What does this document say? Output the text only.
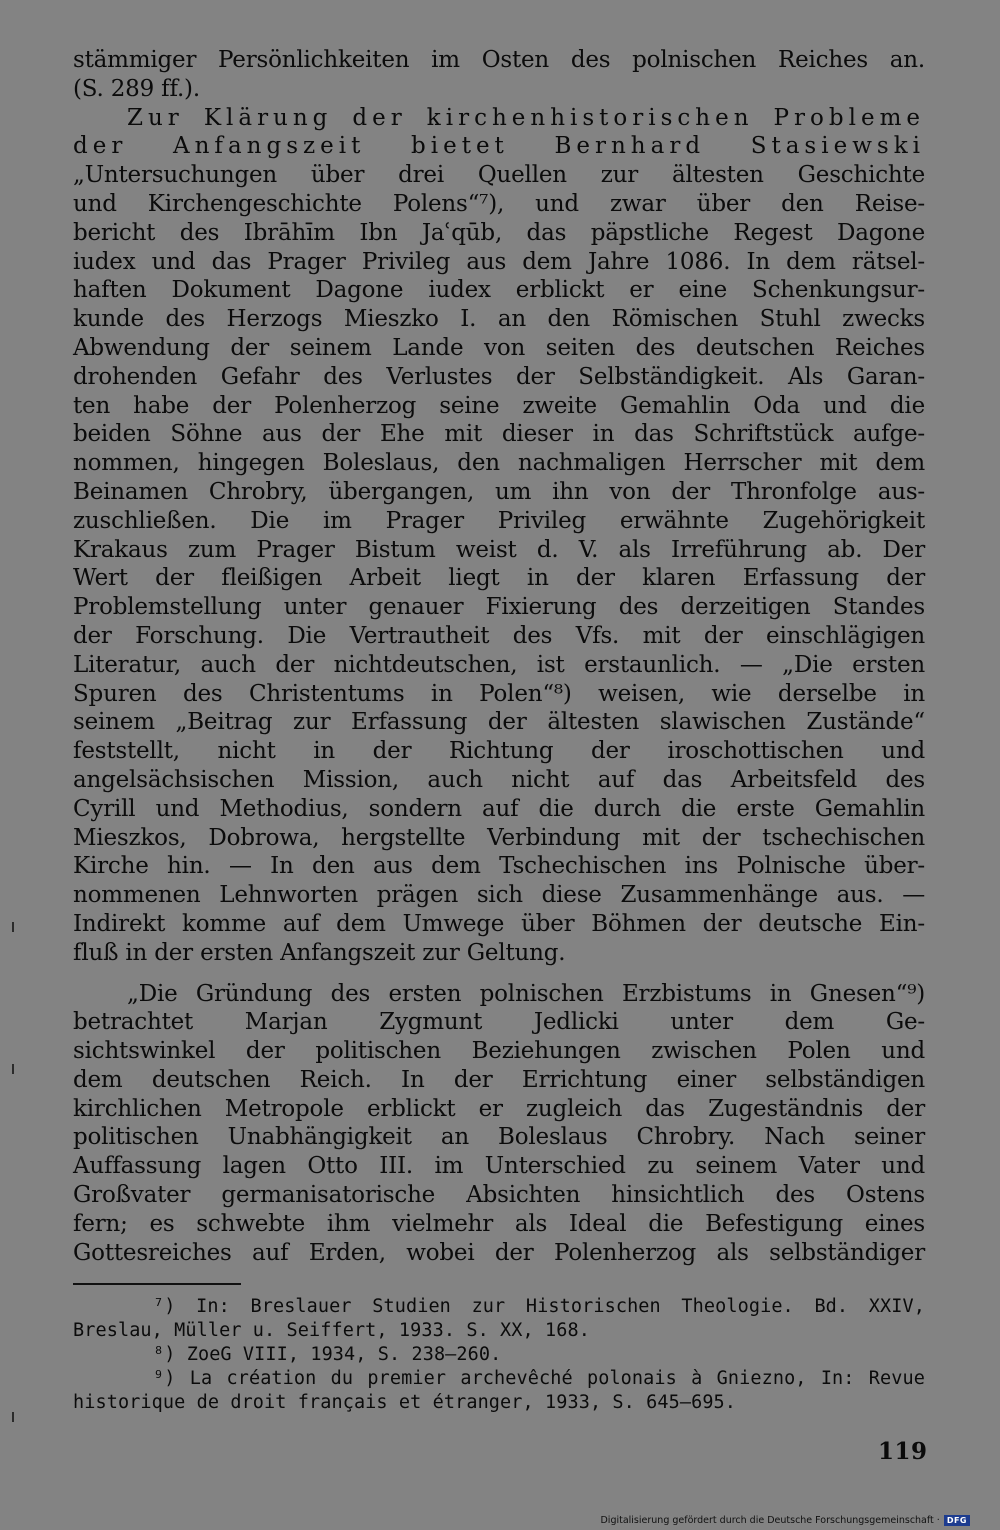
stämmiger Persönlichkeiten im Osten des polnischen Reiches an.
(S. 289 ff.).
Zur Klärung der kirchenhistorischen Probleme
der Anfangszeit bietet Bernhard Stasiewski
„Untersuchungen über drei Quellen zur ältesten Geschichte
und Kirchengeschichte Polens“⁷), und zwar über den Reise-
bericht des Ibrāhīm Ibn Jaʿqūb, das päpstliche Regest Dagone
iudex und das Prager Privileg aus dem Jahre 1086. In dem rätsel-
haften Dokument Dagone iudex erblickt er eine Schenkungsur-
kunde des Herzogs Mieszko I. an den Römischen Stuhl zwecks
Abwendung der seinem Lande von seiten des deutschen Reiches
drohenden Gefahr des Verlustes der Selbständigkeit. Als Garan-
ten habe der Polenherzog seine zweite Gemahlin Oda und die
beiden Söhne aus der Ehe mit dieser in das Schriftstück aufge-
nommen, hingegen Boleslaus, den nachmaligen Herrscher mit dem
Beinamen Chrobry, übergangen, um ihn von der Thronfolge aus-
zuschließen. Die im Prager Privileg erwähnte Zugehörigkeit
Krakaus zum Prager Bistum weist d. V. als Irreführung ab. Der
Wert der fleißigen Arbeit liegt in der klaren Erfassung der
Problemstellung unter genauer Fixierung des derzeitigen Standes
der Forschung. Die Vertrautheit des Vfs. mit der einschlägigen
Literatur, auch der nichtdeutschen, ist erstaunlich. — „Die ersten
Spuren des Christentums in Polen“⁸) weisen, wie derselbe in
seinem „Beitrag zur Erfassung der ältesten slawischen Zustände“
feststellt, nicht in der Richtung der iroschottischen und
angelsächsischen Mission, auch nicht auf das Arbeitsfeld des
Cyrill und Methodius, sondern auf die durch die erste Gemahlin
Mieszkos, Dobrowa, hergstellte Verbindung mit der tschechischen
Kirche hin. — In den aus dem Tschechischen ins Polnische über-
nommenen Lehnworten prägen sich diese Zusammenhänge aus. —
Indirekt komme auf dem Umwege über Böhmen der deutsche Ein-
fluß in der ersten Anfangszeit zur Geltung.
„Die Gründung des ersten polnischen Erzbistums in Gnesen“⁹)
betrachtet Marjan Zygmunt Jedlicki unter dem Ge-
sichtswinkel der politischen Beziehungen zwischen Polen und
dem deutschen Reich. In der Errichtung einer selbständigen
kirchlichen Metropole erblickt er zugleich das Zugeständnis der
politischen Unabhängigkeit an Boleslaus Chrobry. Nach seiner
Auffassung lagen Otto III. im Unterschied zu seinem Vater und
Großvater germanisatorische Absichten hinsichtlich des Ostens
fern; es schwebte ihm vielmehr als Ideal die Befestigung eines
Gottesreiches auf Erden, wobei der Polenherzog als selbständiger
⁷) In: Breslauer Studien zur Historischen Theologie. Bd. XXIV,
Breslau, Müller u. Seiffert, 1933. S. XX, 168.
⁸) ZoeG VIII, 1934, S. 238—260.
⁹) La création du premier archevêché polonais à Gniezno, In: Revue
historique de droit français et étranger, 1933, S. 645—695.
119
Digitalisierung gefördert durch die Deutsche Forschungsgemeinschaft · DFG
